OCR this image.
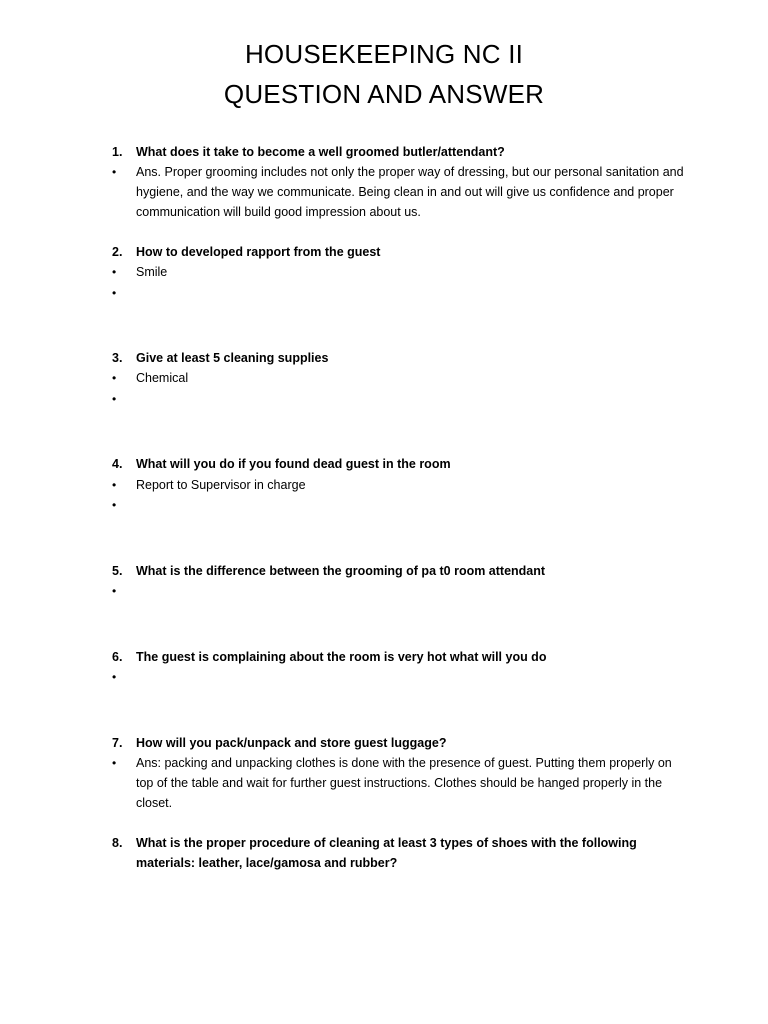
HOUSEKEEPING NC II
QUESTION AND ANSWER
1. What does it take to become a well groomed butler/attendant?
• Ans. Proper grooming includes not only the proper way of dressing, but our personal sanitation and hygiene, and the way we communicate. Being clean in and out will give us confidence and proper communication will build good impression about us.
2. How to developed rapport from the guest
• Smile
•
3. Give at least 5 cleaning supplies
• Chemical
•
4. What will you do if you found dead guest in the room
• Report to Supervisor in charge
•
5. What is the difference between the grooming of pa t0 room attendant
•
6. The guest is complaining about the room is very hot what will you do
•
7. How will you pack/unpack and store guest luggage?
• Ans: packing and unpacking clothes is done with the presence of guest. Putting them properly on top of the table and wait for further guest instructions. Clothes should be hanged properly in the closet.
8. What is the proper procedure of cleaning at least 3 types of shoes with the following materials: leather, lace/gamosa and rubber?
